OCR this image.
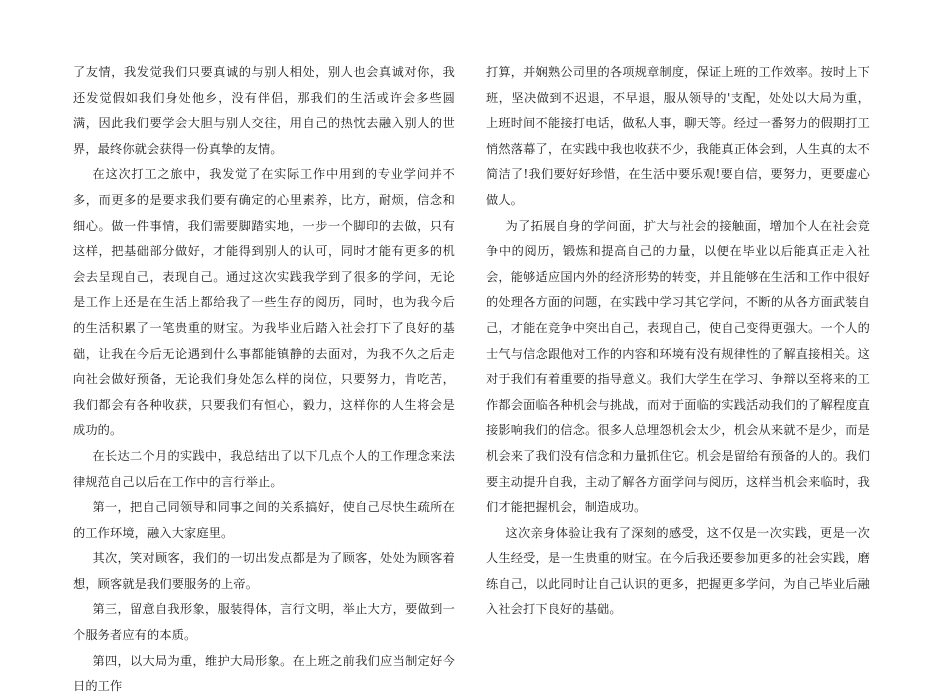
了友情，我发觉我们只要真诚的与别人相处，别人也会真诚对你，我还发觉假如我们身处他乡，没有伴侣，那我们的生活或许会多些圆满，因此我们要学会大胆与别人交往，用自己的热忱去融入别人的世界，最终你就会获得一份真挚的友情。

在这次打工之旅中，我发觉了在实际工作中用到的专业学问并不多，而更多的是要求我们要有确定的心里素养，比方，耐烦，信念和细心。做一件事情，我们需要脚踏实地，一步一个脚印的去做，只有这样，把基础部分做好，才能得到别人的认可，同时才能有更多的机会去呈现自己，表现自己。通过这次实践我学到了很多的学问，无论是工作上还是在生活上都给我了一些生存的阅历，同时，也为我今后的生活积累了一笔贵重的财宝。为我毕业后踏入社会打下了良好的基础，让我在今后无论遇到什么事都能镇静的去面对，为我不久之后走向社会做好预备，无论我们身处怎么样的岗位，只要努力，肯吃苦，我们都会有各种收获，只要我们有恒心，毅力，这样你的人生将会是成功的。

在长达二个月的实践中，我总结出了以下几点个人的工作理念来法律规范自己以后在工作中的言行举止。

第一，把自己同领导和同事之间的关系搞好，使自己尽快生疏所在的工作环境，融入大家庭里。

其次，笑对顾客，我们的一切出发点都是为了顾客，处处为顾客着想，顾客就是我们要服务的上帝。

第三，留意自我形象，服装得体，言行文明，举止大方，要做到一个服务者应有的本质。

第四，以大局为重，维护大局形象。在上班之前我们应当制定好今日的工作

打算，并娴熟公司里的各项规章制度，保证上班的工作效率。按时上下班，坚决做到不迟退，不早退，服从领导的'支配，处处以大局为重，上班时间不能接打电话，做私人事，聊天等。经过一番努力的假期打工悄然落幕了，在实践中我也收获不少，我能真正体会到，人生真的太不简洁了!我们要好好珍惜，在生活中要乐观!要自信，要努力，更要虚心做人。

为了拓展自身的学问面，扩大与社会的接触面，增加个人在社会竞争中的阅历，锻炼和提高自己的力量，以便在毕业以后能真正走入社会，能够适应国内外的经济形势的转变，并且能够在生活和工作中很好的处理各方面的问题，在实践中学习其它学问，不断的从各方面武装自己，才能在竞争中突出自己，表现自己，使自己变得更强大。一个人的士气与信念跟他对工作的内容和环境有没有规律性的了解直接相关。这对于我们有着重要的指导意义。我们大学生在学习、争辩以至将来的工作都会面临各种机会与挑战，而对于面临的实践活动我们的了解程度直接影响我们的信念。很多人总埋怨机会太少，机会从来就不是少，而是机会来了我们没有信念和力量抓住它。机会是留给有预备的人的。我们要主动提升自我，主动了解各方面学问与阅历，这样当机会来临时，我们才能把握机会，制造成功。

这次亲身体验让我有了深刻的感受，这不仅是一次实践，更是一次人生经受，是一生贵重的财宝。在今后我还要参加更多的社会实践，磨练自己，以此同时让自己认识的更多，把握更多学问，为自己毕业后融入社会打下良好的基础。
